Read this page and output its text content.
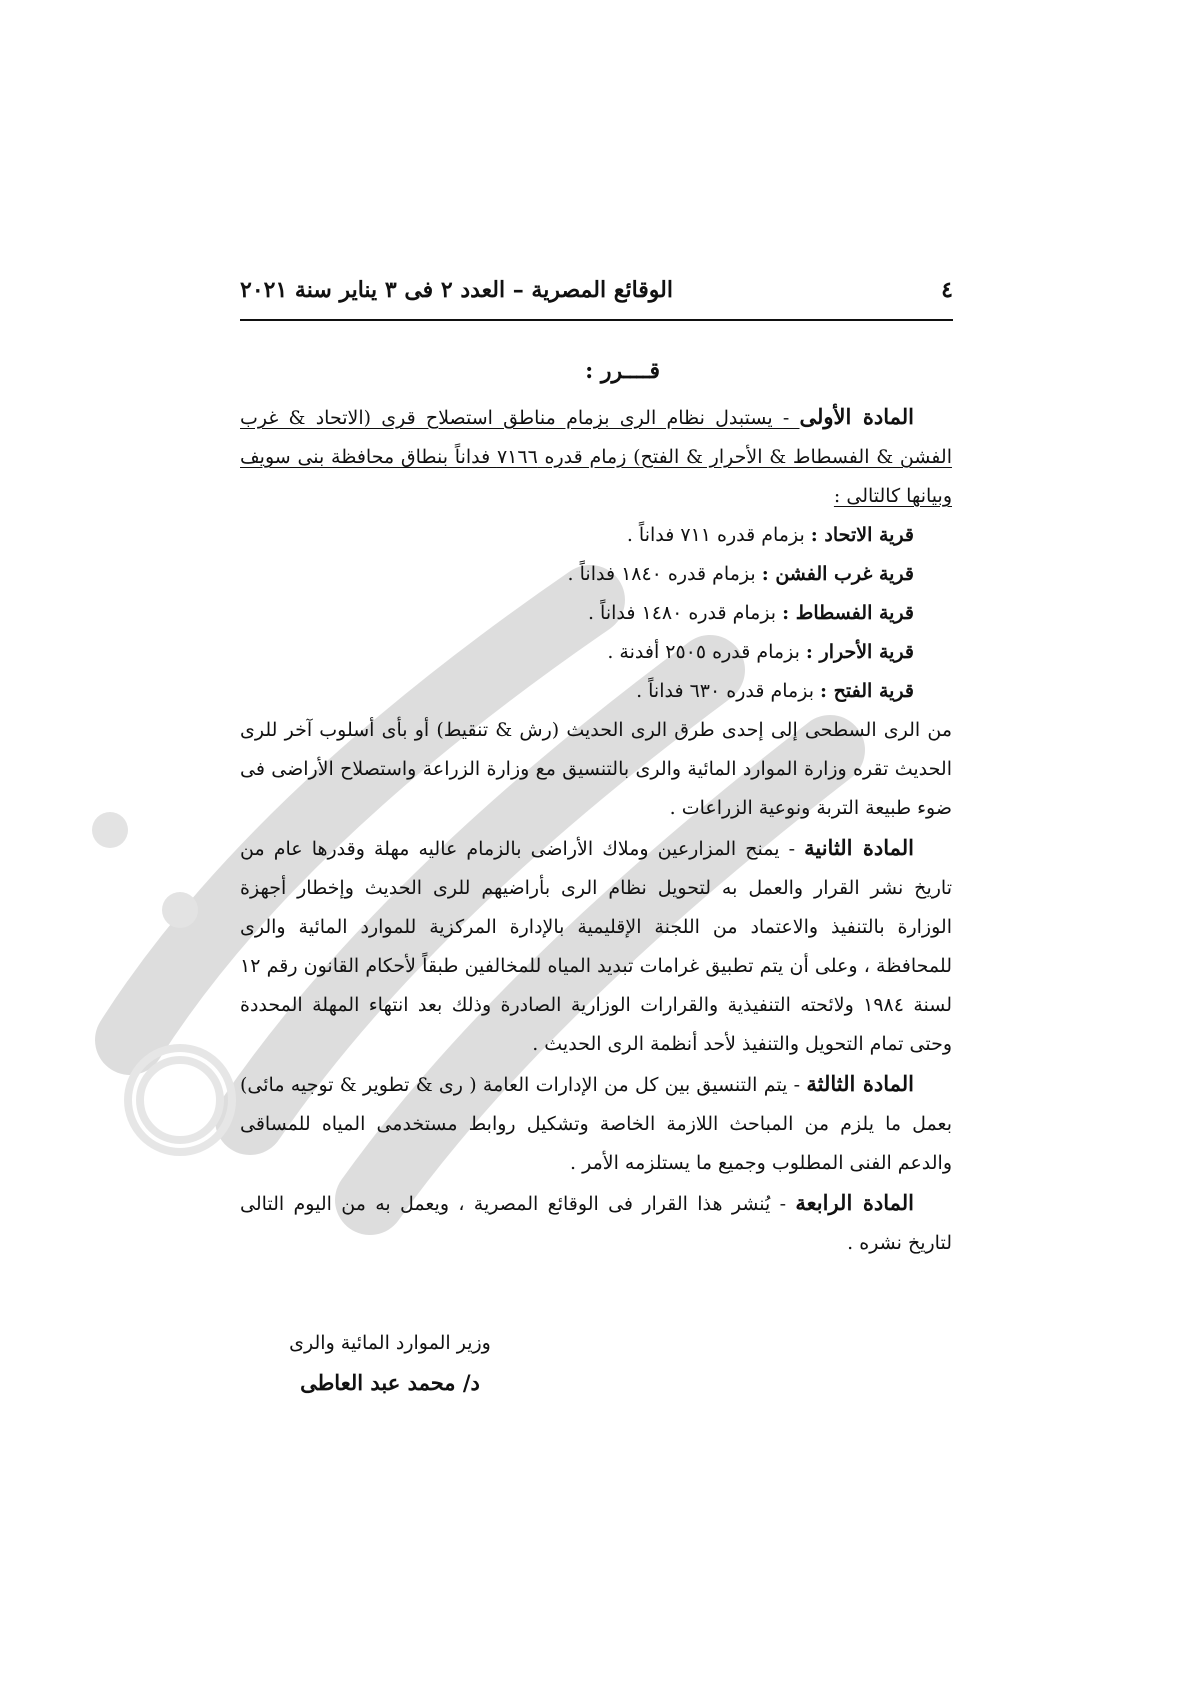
٤
الوقائع المصرية – العدد ٢ فى ٣ يناير سنة ٢٠٢١
قــــرر :

المادة الأولى - يستبدل نظام الرى بزمام مناطق استصلاح قرى (الاتحاد & غرب الفشن & الفسطاط & الأحرار & الفتح) زمام قدره ٧١٦٦ فداناً بنطاق محافظة بنى سويف وبيانها كالتالى :

قرية الاتحاد : بزمام قدره ٧١١ فداناً .
قرية غرب الفشن : بزمام قدره ١٨٤٠ فداناً .
قرية الفسطاط : بزمام قدره ١٤٨٠ فداناً .
قرية الأحرار : بزمام قدره ٢٥٠٥ أفدنة .
قرية الفتح : بزمام قدره ٦٣٠ فداناً .

من الرى السطحى إلى إحدى طرق الرى الحديث (رش & تنقيط) أو بأى أسلوب آخر للرى الحديث تقره وزارة الموارد المائية والرى بالتنسيق مع وزارة الزراعة واستصلاح الأراضى فى ضوء طبيعة التربة ونوعية الزراعات .

المادة الثانية - يمنح المزارعين وملاك الأراضى بالزمام عاليه مهلة وقدرها عام من تاريخ نشر القرار والعمل به لتحويل نظام الرى بأراضيهم للرى الحديث وإخطار أجهزة الوزارة بالتنفيذ والاعتماد من اللجنة الإقليمية بالإدارة المركزية للموارد المائية والرى للمحافظة ، وعلى أن يتم تطبيق غرامات تبديد المياه للمخالفين طبقاً لأحكام القانون رقم ١٢ لسنة ١٩٨٤ ولائحته التنفيذية والقرارات الوزارية الصادرة وذلك بعد انتهاء المهلة المحددة وحتى تمام التحويل والتنفيذ لأحد أنظمة الرى الحديث .

المادة الثالثة - يتم التنسيق بين كل من الإدارات العامة ( رى & تطوير & توجيه مائى) بعمل ما يلزم من المباحث اللازمة الخاصة وتشكيل روابط مستخدمى المياه للمساقى والدعم الفنى المطلوب وجميع ما يستلزمه الأمر .

المادة الرابعة - يُنشر هذا القرار فى الوقائع المصرية ، ويعمل به من اليوم التالى لتاريخ نشره .

وزير الموارد المائية والرى
د/ محمد عبد العاطى
